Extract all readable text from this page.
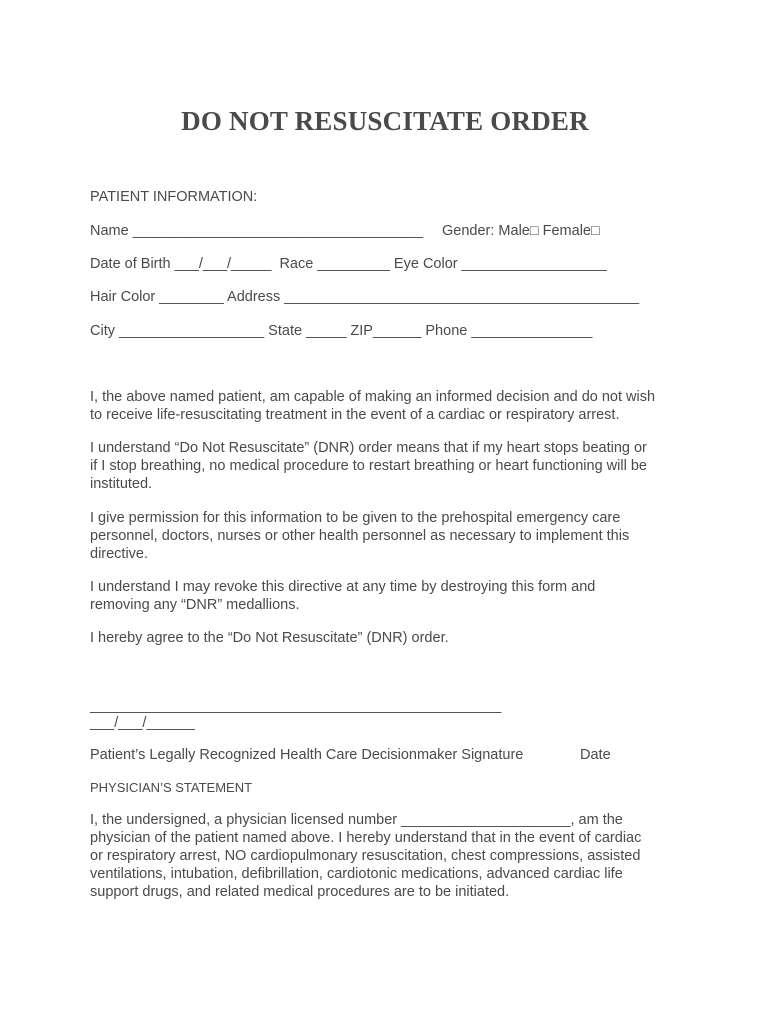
DO NOT RESUSCITATE ORDER
PATIENT INFORMATION:
Name ____________________________________ Gender: Male□ Female□
Date of Birth ___/___/_____  Race _________ Eye Color __________________
Hair Color ________ Address ____________________________________________
City __________________ State _____ ZIP______ Phone _______________
I, the above named patient, am capable of making an informed decision and do not wish
to receive life-resuscitating treatment in the event of a cardiac or respiratory arrest.
I understand “Do Not Resuscitate” (DNR) order means that if my heart stops beating or
if I stop breathing, no medical procedure to restart breathing or heart functioning will be
instituted.
I give permission for this information to be given to the prehospital emergency care
personnel, doctors, nurses or other health personnel as necessary to implement this
directive.
I understand I may revoke this directive at any time by destroying this form and
removing any “DNR” medallions.
I hereby agree to the “Do Not Resuscitate” (DNR) order.
___________________________________________________
___/___/______
Patient’s Legally Recognized Health Care Decisionmaker Signature	Date
PHYSICIAN’S STATEMENT
I, the undersigned, a physician licensed number _____________________, am the
physician of the patient named above. I hereby understand that in the event of cardiac
or respiratory arrest, NO cardiopulmonary resuscitation, chest compressions, assisted
ventilations, intubation, defibrillation, cardiotonic medications, advanced cardiac life
support drugs, and related medical procedures are to be initiated.
